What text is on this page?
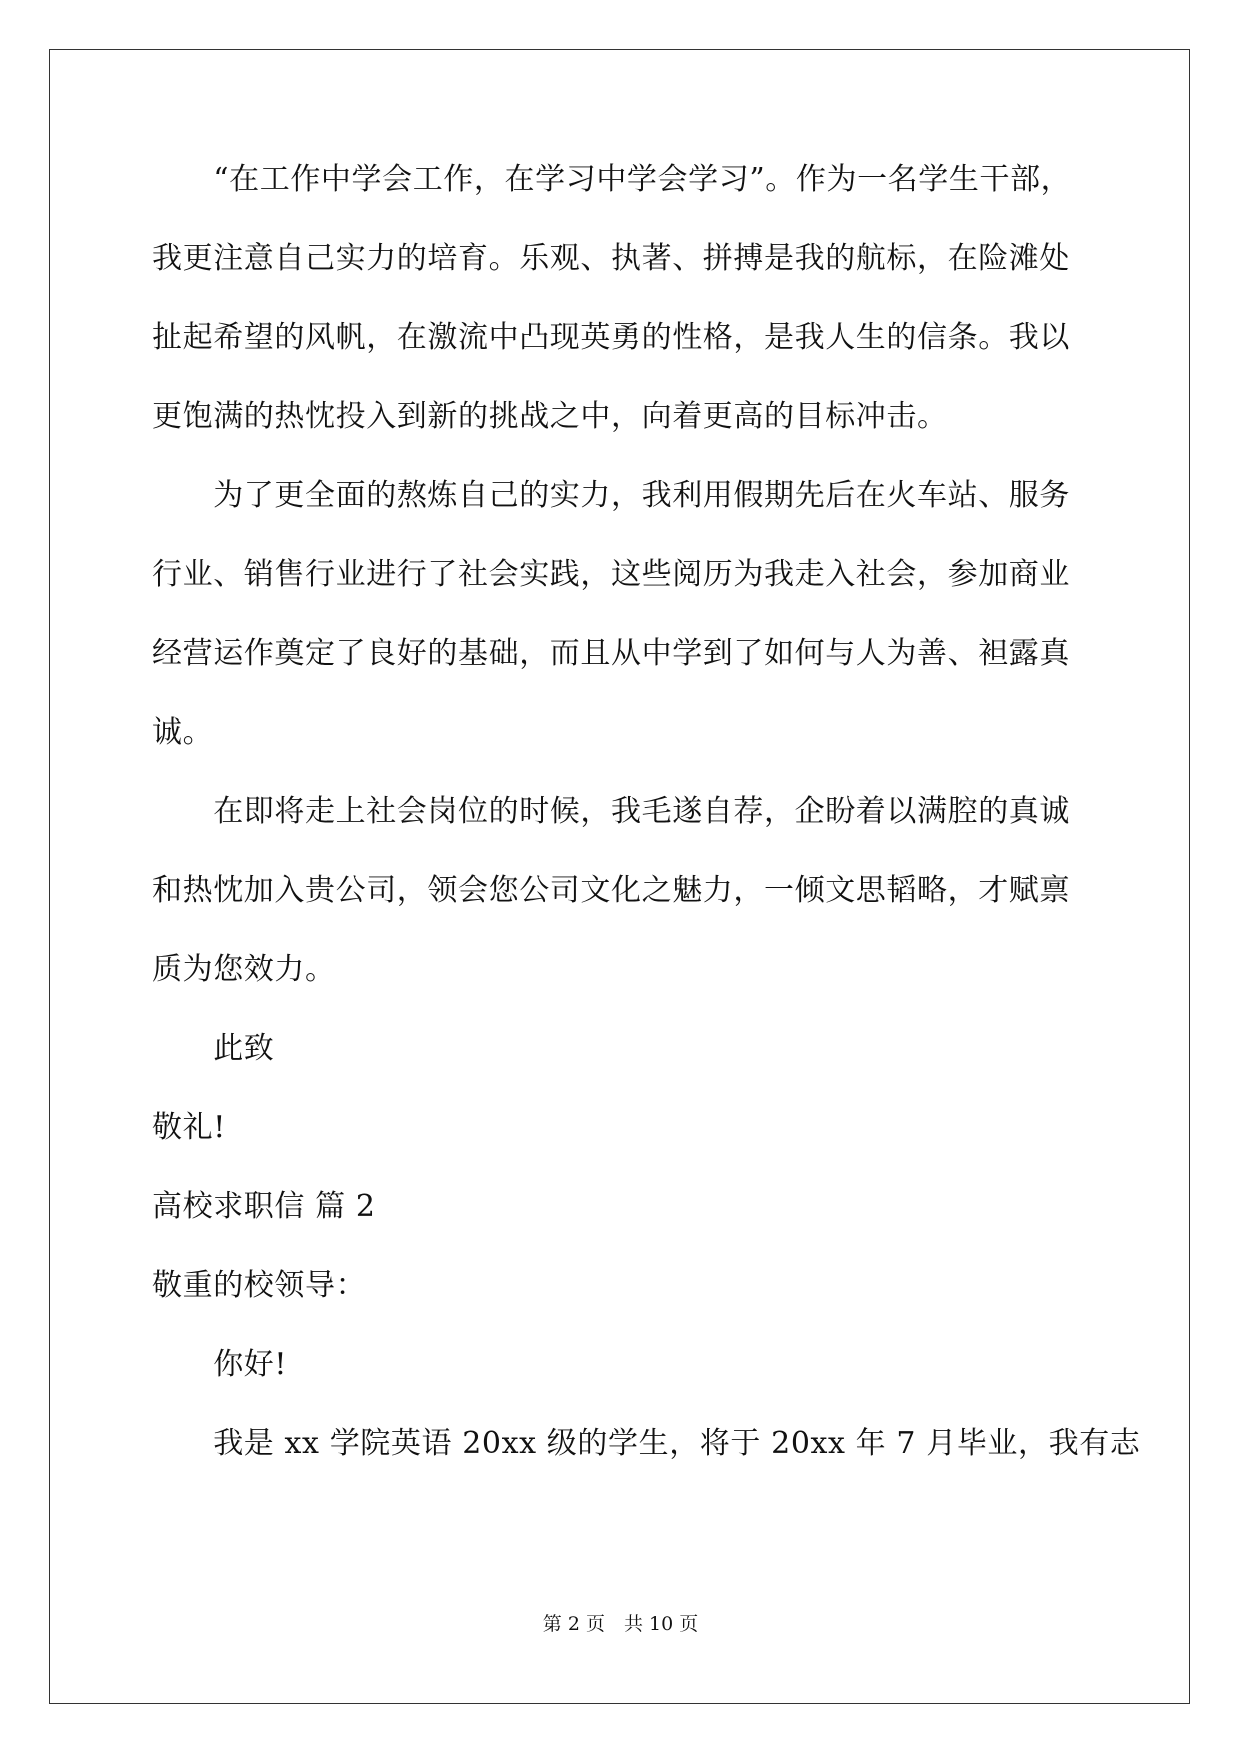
　　“在工作中学会工作，在学习中学会学习”。作为一名学生干部，
我更注意自己实力的培育。乐观、执著、拼搏是我的航标，在险滩处
扯起希望的风帆，在激流中凸现英勇的性格，是我人生的信条。我以
更饱满的热忱投入到新的挑战之中，向着更高的目标冲击。
　　为了更全面的熬炼自己的实力，我利用假期先后在火车站、服务
行业、销售行业进行了社会实践，这些阅历为我走入社会，参加商业
经营运作奠定了良好的基础，而且从中学到了如何与人为善、袒露真
诚。
　　在即将走上社会岗位的时候，我毛遂自荐，企盼着以满腔的真诚
和热忱加入贵公司，领会您公司文化之魅力，一倾文思韬略，才赋禀
质为您效力。
　　此致
敬礼!
高校求职信 篇 2
敬重的校领导：
　　你好!
　　我是 xx 学院英语 20xx 级的学生，将于 20xx 年 7 月毕业，我有志
第 2 页　共 10 页
